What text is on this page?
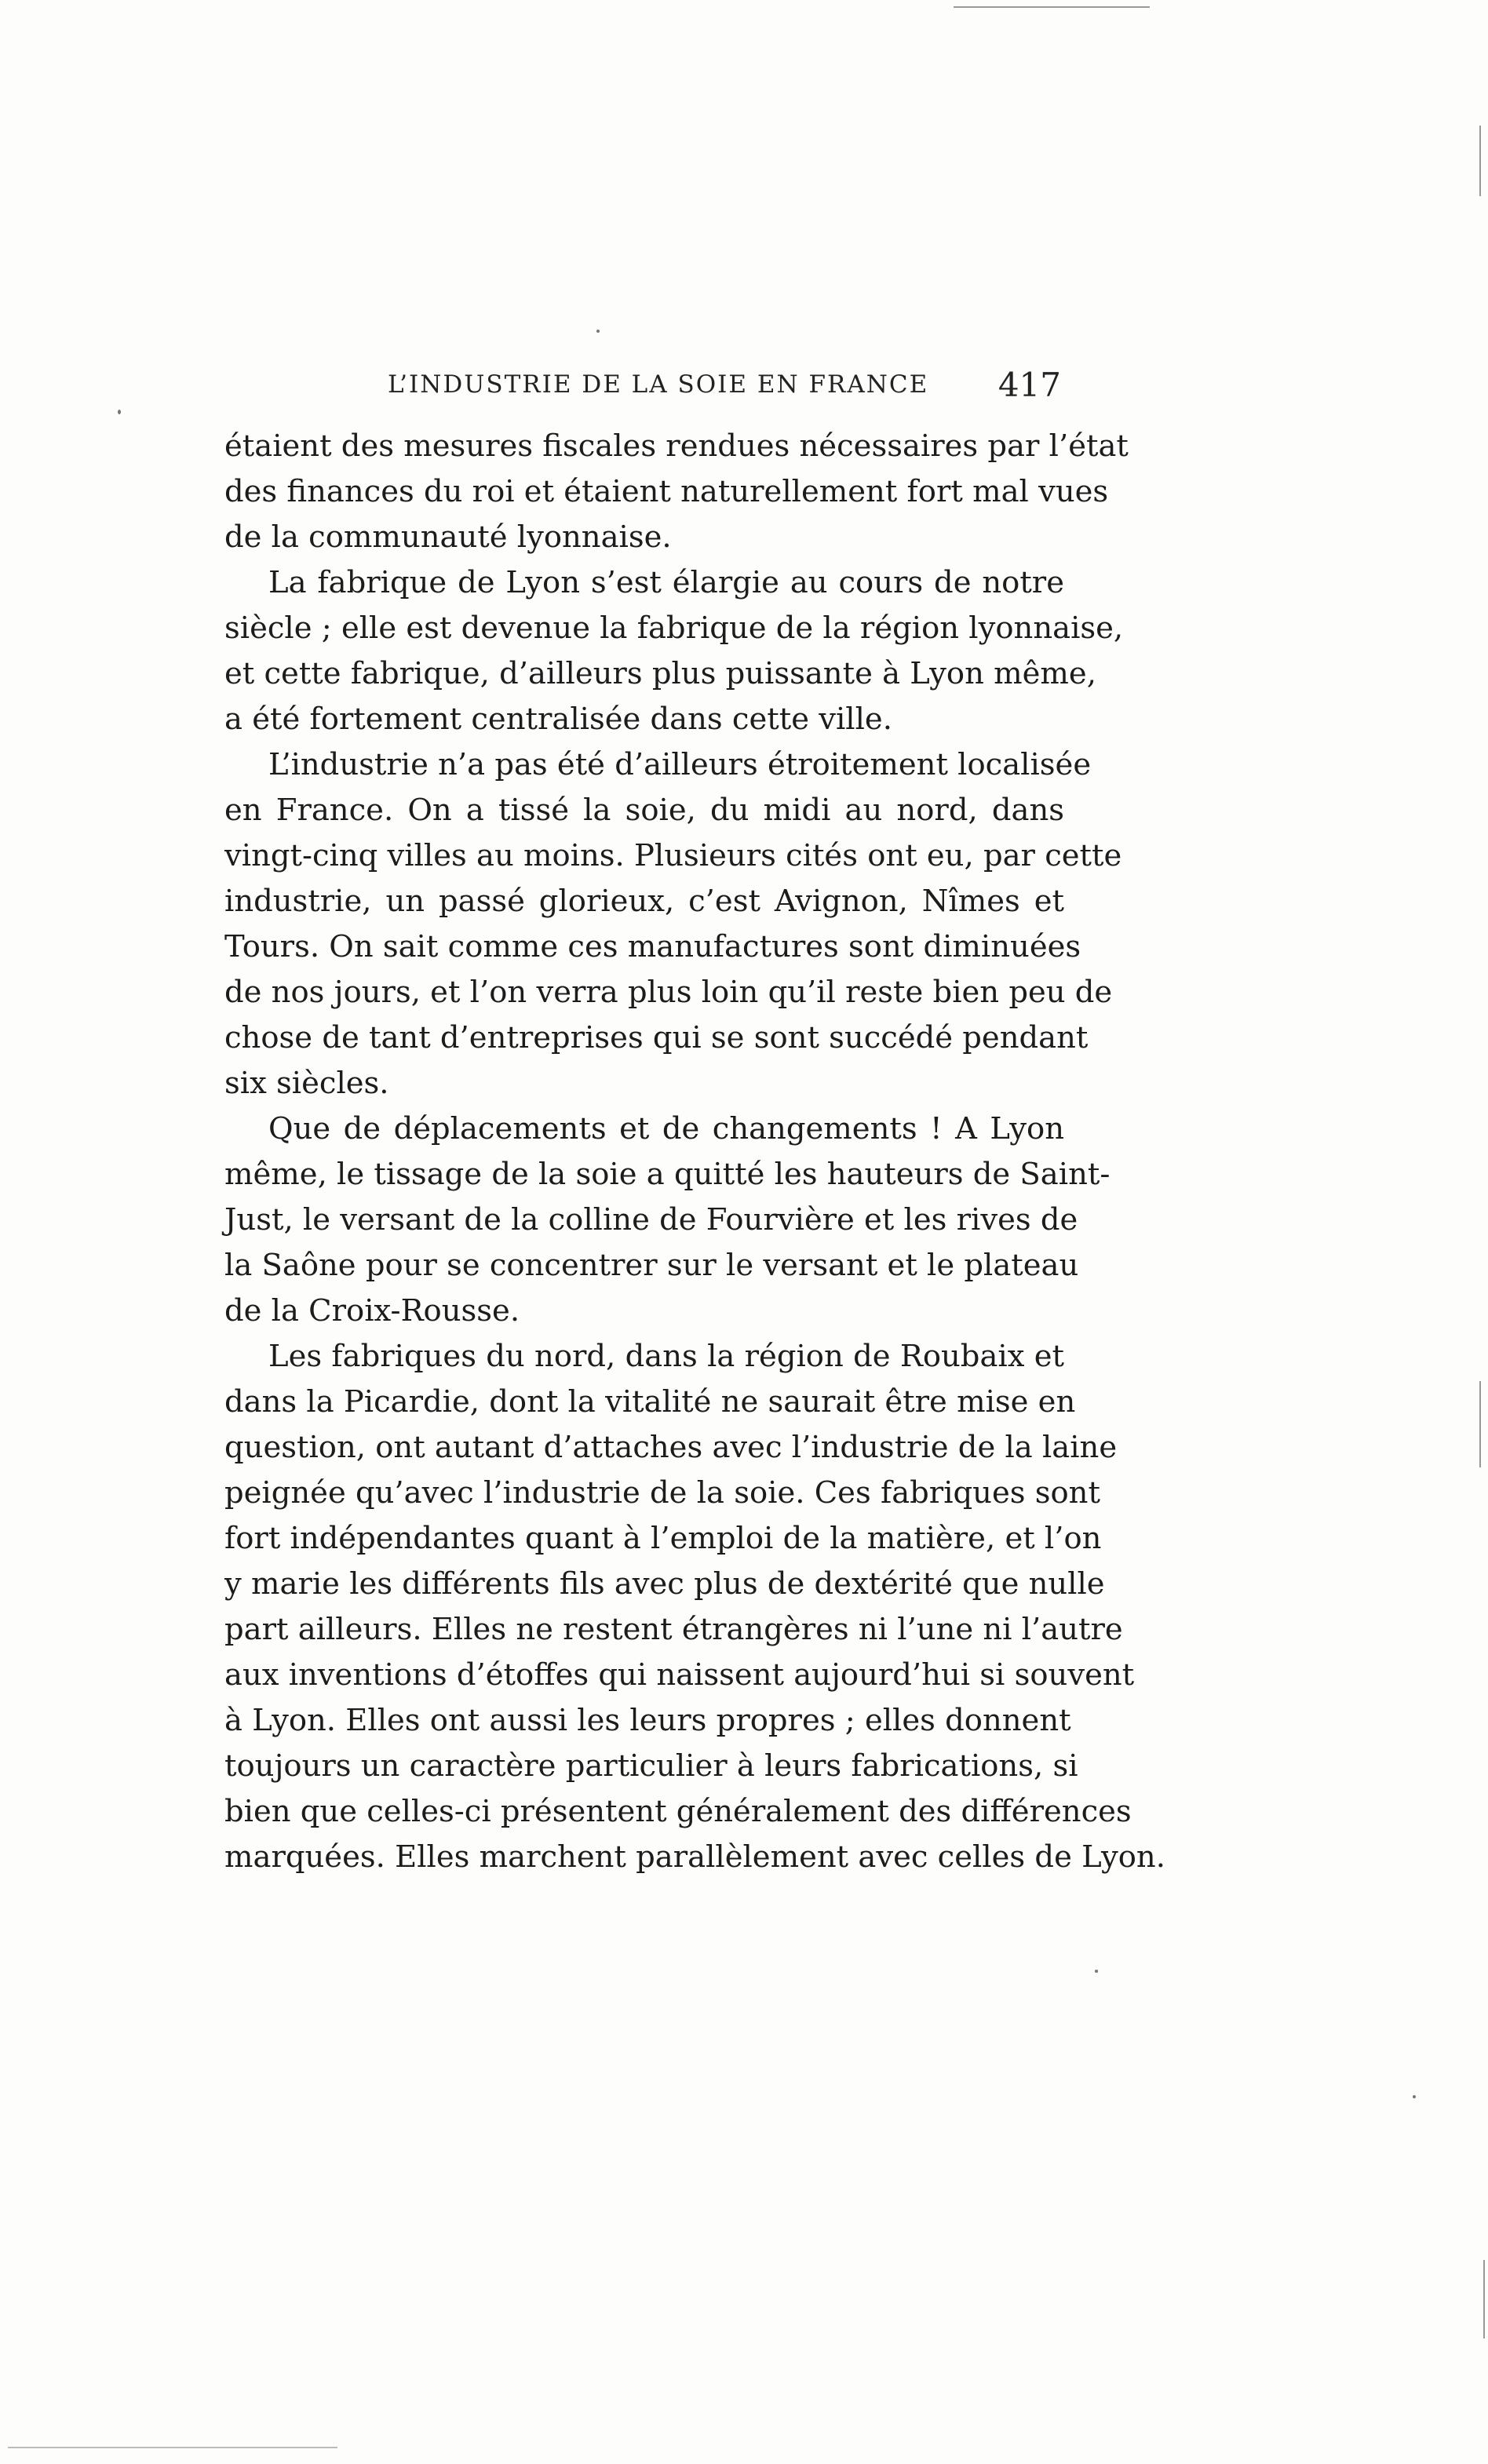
L’INDUSTRIE DE LA SOIE EN FRANCE 417
étaient des mesures fiscales rendues nécessaires par l’état
des finances du roi et étaient naturellement fort mal vues
de la communauté lyonnaise.
La fabrique de Lyon s’est élargie au cours de notre
siècle ; elle est devenue la fabrique de la région lyonnaise,
et cette fabrique, d’ailleurs plus puissante à Lyon même,
a été fortement centralisée dans cette ville.
L’industrie n’a pas été d’ailleurs étroitement localisée
en France. On a tissé la soie, du midi au nord, dans
vingt-cinq villes au moins. Plusieurs cités ont eu, par cette
industrie, un passé glorieux, c’est Avignon, Nîmes et
Tours. On sait comme ces manufactures sont diminuées
de nos jours, et l’on verra plus loin qu’il reste bien peu de
chose de tant d’entreprises qui se sont succédé pendant
six siècles.
Que de déplacements et de changements ! A Lyon
même, le tissage de la soie a quitté les hauteurs de Saint-
Just, le versant de la colline de Fourvière et les rives de
la Saône pour se concentrer sur le versant et le plateau
de la Croix-Rousse.
Les fabriques du nord, dans la région de Roubaix et
dans la Picardie, dont la vitalité ne saurait être mise en
question, ont autant d’attaches avec l’industrie de la laine
peignée qu’avec l’industrie de la soie. Ces fabriques sont
fort indépendantes quant à l’emploi de la matière, et l’on
y marie les différents fils avec plus de dextérité que nulle
part ailleurs. Elles ne restent étrangères ni l’une ni l’autre
aux inventions d’étoffes qui naissent aujourd’hui si souvent
à Lyon. Elles ont aussi les leurs propres ; elles donnent
toujours un caractère particulier à leurs fabrications, si
bien que celles-ci présentent généralement des différences
marquées. Elles marchent parallèlement avec celles de Lyon.
